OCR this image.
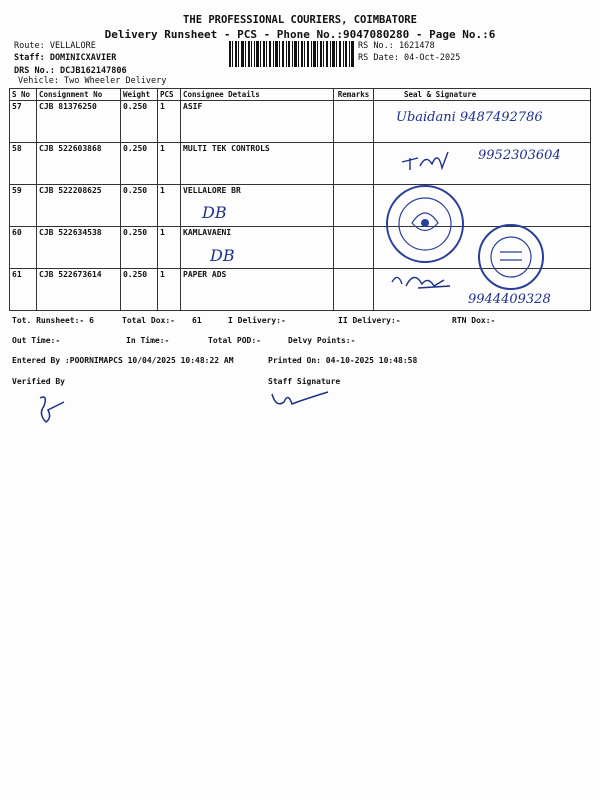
THE PROFESSIONAL COURIERS, COIMBATORE
Delivery Runsheet - PCS - Phone No.:9047080280 - Page No.:6
Route: VELLALORE
Staff: DOMINICXAVIER
DRS No.: DCJB162147806
Vehicle: Two Wheeler Delivery
RS No.: 1621478
RS Date: 04-Oct-2025
S No	Consignment No	Weight	PCS	Consignee Details	Remarks	Seal & Signature
57	CJB 81376250	0.250	1	ASIF		
58	CJB 522603868	0.250	1	MULTI TEK CONTROLS		
59	CJB 522208625	0.250	1	VELLALORE BR		
60	CJB 522634538	0.250	1	KAMLAVAENI		
61	CJB 522673614	0.250	1	PAPER ADS		
DB
DB
Ubaidani 9487492786
9952303604
9944409328
Tot. Runsheet:- 6	Total Dox:- 61	I Delivery:-	II Delivery:-	RTN Dox:-
Out Time:-	In Time:-	Total POD:-	Delvy Points:-
Entered By :POORNIMAPCS 10/04/2025 10:48:22 AM	Printed On: 04-10-2025 10:48:58
Verified By	Staff Signature
